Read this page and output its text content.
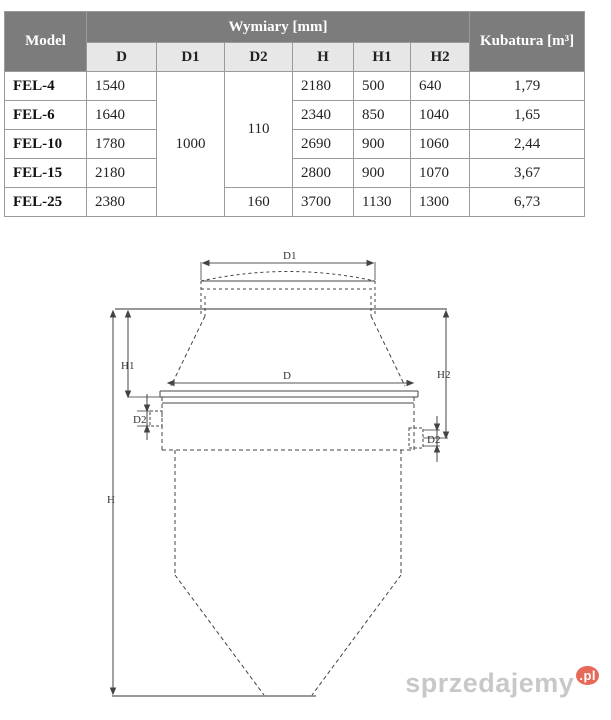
Model	Wymiary [mm]						Kubatura [m³]
	D	D1	D2	H	H1	H2	
FEL-4	1540	1000	110	2180	500	640	1,79
FEL-6	1640			2340	850	1040	1,65
FEL-10	1780			2690	900	1060	2,44
FEL-15	2180			2800	900	1070	3,67
FEL-25	2380		160	3700	1130	1300	6,73
D1
D
H
H1
H2
D2
D2
sprzedajemy $^{.pl}$
